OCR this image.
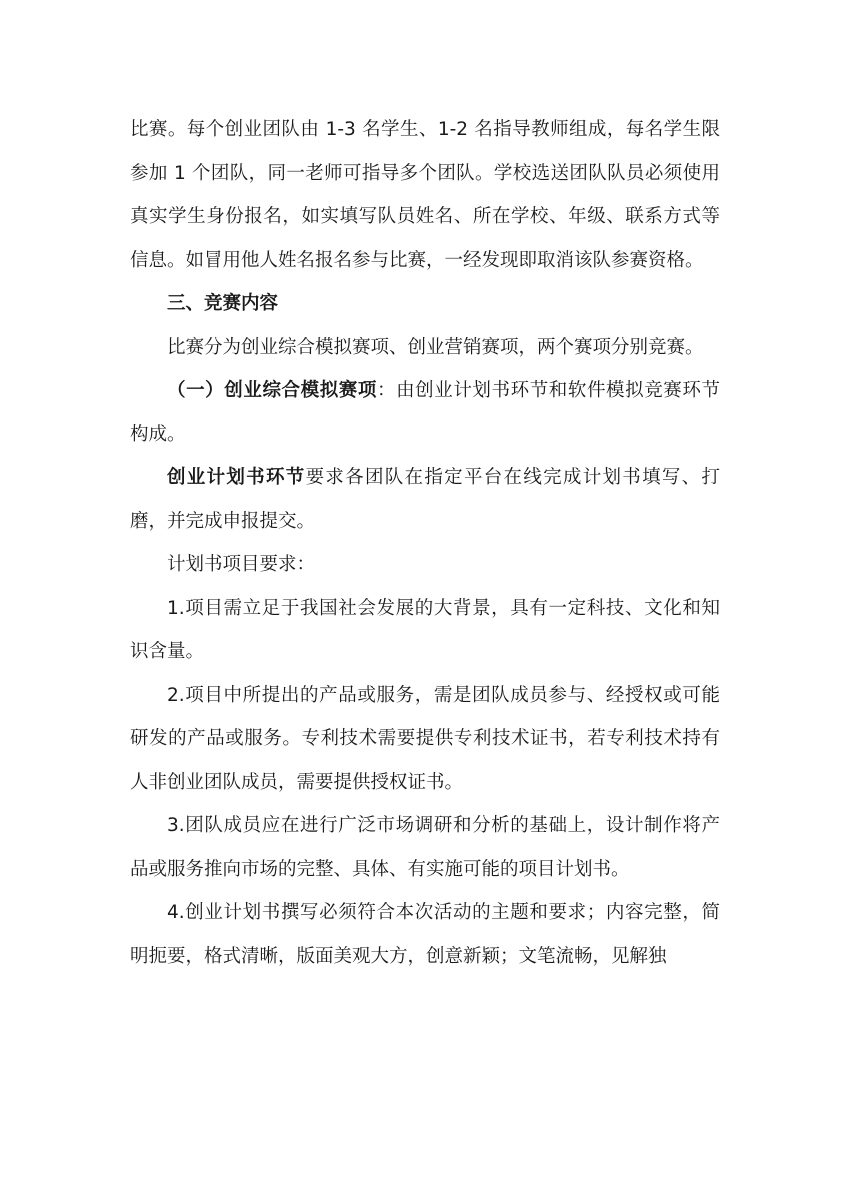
比赛。每个创业团队由 1-3 名学生、1-2 名指导教师组成，每名学生限参加 1 个团队，同一老师可指导多个团队。学校选送团队队员必须使用真实学生身份报名，如实填写队员姓名、所在学校、年级、联系方式等信息。如冒用他人姓名报名参与比赛，一经发现即取消该队参赛资格。

三、竞赛内容

比赛分为创业综合模拟赛项、创业营销赛项，两个赛项分别竞赛。

（一）创业综合模拟赛项：由创业计划书环节和软件模拟竞赛环节构成。

创业计划书环节要求各团队在指定平台在线完成计划书填写、打磨，并完成申报提交。

计划书项目要求：

1.项目需立足于我国社会发展的大背景，具有一定科技、文化和知识含量。

2.项目中所提出的产品或服务，需是团队成员参与、经授权或可能研发的产品或服务。专利技术需要提供专利技术证书，若专利技术持有人非创业团队成员，需要提供授权证书。

3.团队成员应在进行广泛市场调研和分析的基础上，设计制作将产品或服务推向市场的完整、具体、有实施可能的项目计划书。

4.创业计划书撰写必须符合本次活动的主题和要求；内容完整，简明扼要，格式清晰，版面美观大方，创意新颖；文笔流畅，见解独
